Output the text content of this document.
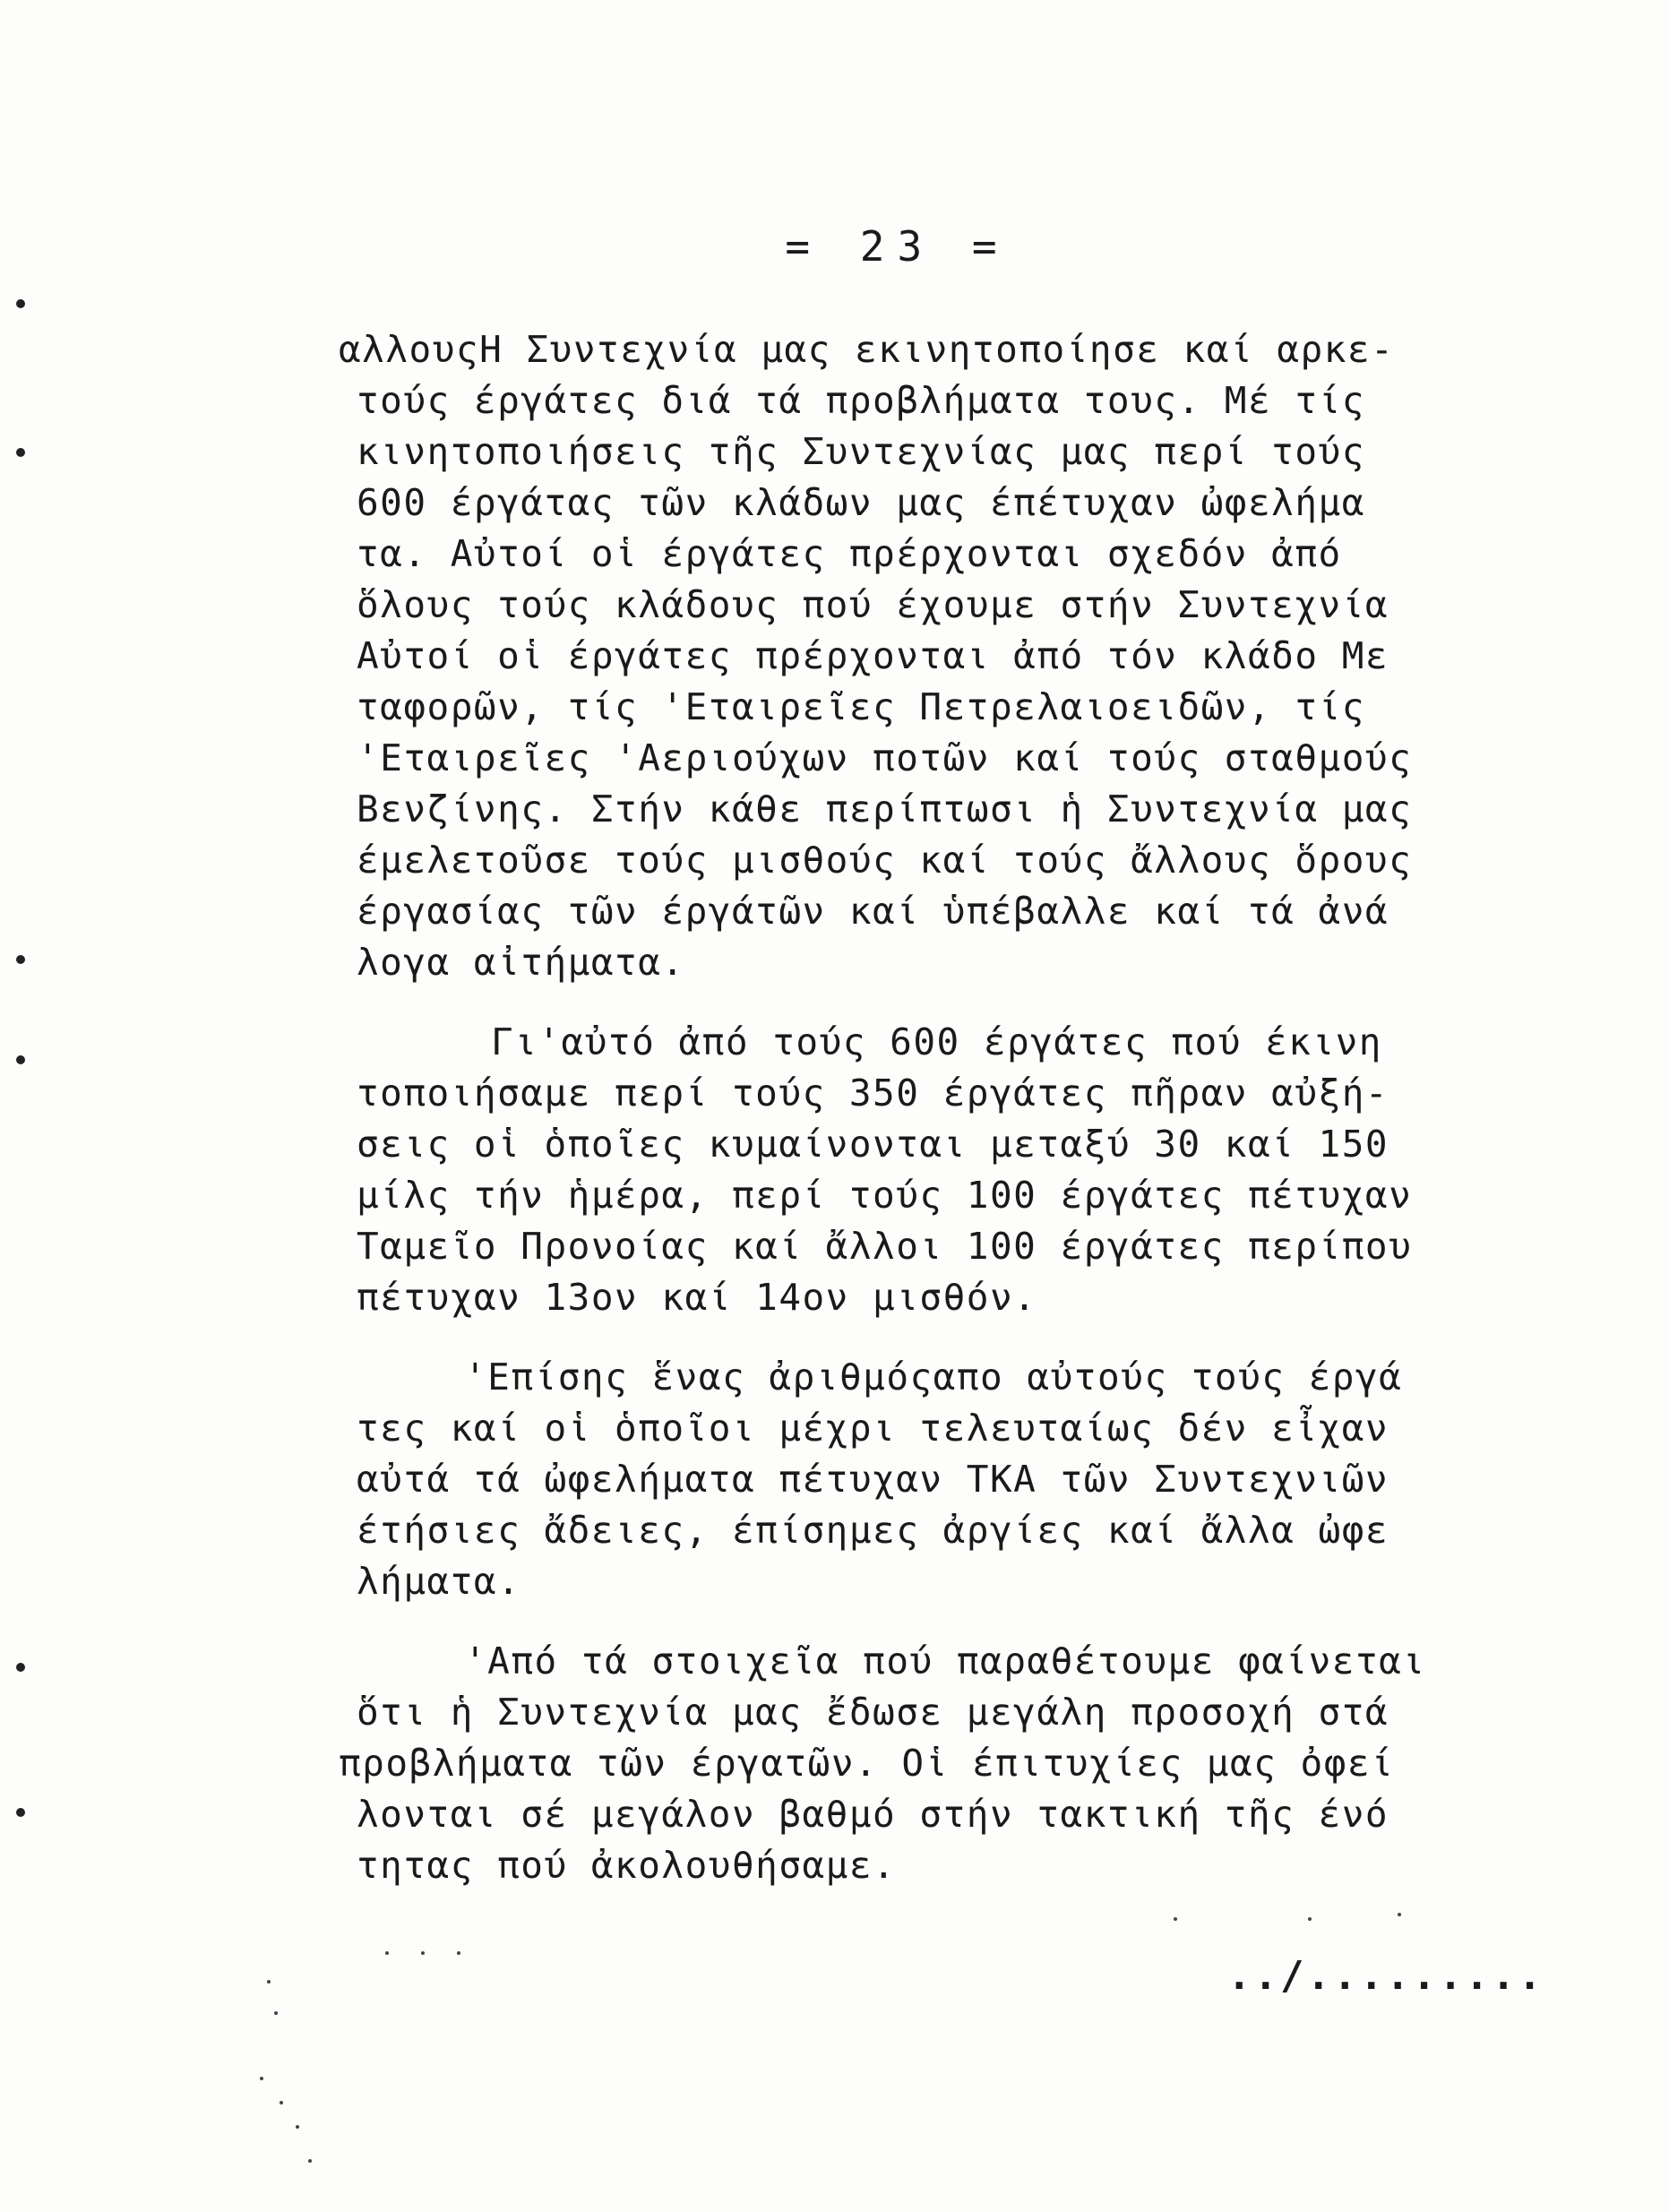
= 23 =
αλλουςΗ Συντεχνία μας εκινητοποίησε καί αρκε-
τούς έργάτες διά τά προβλήματα τους. Μέ τίς
κινητοποιήσεις τῆς Συντεχνίας μας περί τούς
600 έργάτας τῶν κλάδων μας έπέτυχαν ὠφελήμα
τα. Αὐτοί οἱ έργάτες πρέρχονται σχεδόν ἀπό
ὅλους τούς κλάδους πού έχουμε στήν Συντεχνία
Αὐτοί οἱ έργάτες πρέρχονται ἀπό τόν κλάδο Με
ταφορῶν, τίς 'Εταιρεῖες Πετρελαιοειδῶν, τίς
'Εταιρεῖες 'Αεριούχων ποτῶν καί τούς σταθμούς
Βενζίνης. Στήν κάθε περίπτωσι ἡ Συντεχνία μας
έμελετοῦσε τούς μισθούς καί τούς ἄλλους ὅρους
έργασίας τῶν έργάτῶν καί ὑπέβαλλε καί τά ἀνά
λογα αἰτήματα.
Γι'αὐτό ἀπό τούς 600 έργάτες πού έκινη
τοποιήσαμε περί τούς 350 έργάτες πῆραν αὐξή-
σεις οἱ ὁποῖες κυμαίνονται μεταξύ 30 καί 150
μίλς τήν ἡμέρα, περί τούς 100 έργάτες πέτυχαν
Ταμεῖο Προνοίας καί ἄλλοι 100 έργάτες περίπου
πέτυχαν 13ον καί 14ον μισθόν.
'Επίσης ἕνας ἀριθμόςαπο αὐτούς τούς έργά
τες καί οἱ ὁποῖοι μέχρι τελευταίως δέν εἶχαν
αὐτά τά ὠφελήματα πέτυχαν ΤΚΑ τῶν Συντεχνιῶν
έτήσιες ἄδειες, έπίσημες ἀργίες καί ἄλλα ὠφε
λήματα.
'Από τά στοιχεῖα πού παραθέτουμε φαίνεται
ὅτι ἡ Συντεχνία μας ἔδωσε μεγάλη προσοχή στά
προβλήματα τῶν έργατῶν. Οἱ έπιτυχίες μας ὀφεί
λονται σέ μεγάλον βαθμό στήν τακτική τῆς ένό
τητας πού ἀκολουθήσαμε.
../.........
